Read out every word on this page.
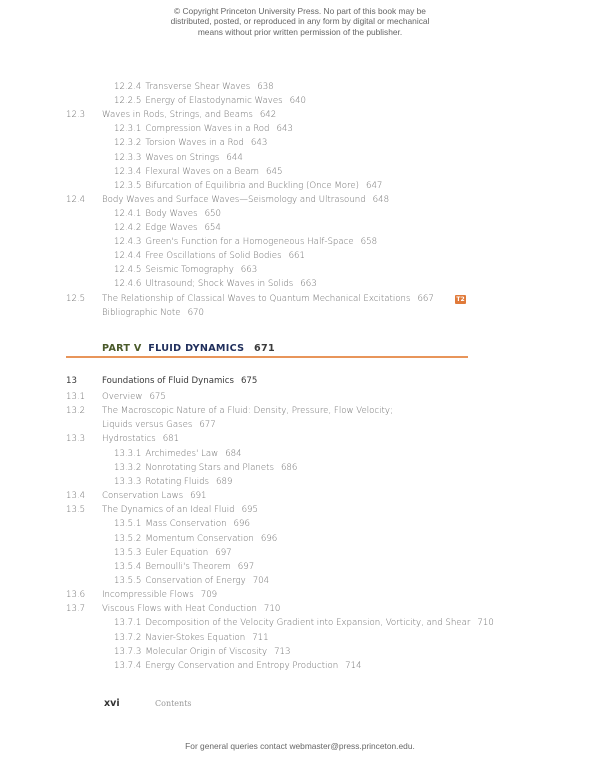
© Copyright Princeton University Press. No part of this book may be
distributed, posted, or reproduced in any form by digital or mechanical
means without prior written permission of the publisher.
12.2.4 Transverse Shear Waves 638
12.2.5 Energy of Elastodynamic Waves 640
12.3 Waves in Rods, Strings, and Beams 642
12.3.1 Compression Waves in a Rod 643
12.3.2 Torsion Waves in a Rod 643
12.3.3 Waves on Strings 644
12.3.4 Flexural Waves on a Beam 645
12.3.5 Bifurcation of Equilibria and Buckling (Once More) 647
12.4 Body Waves and Surface Waves—Seismology and Ultrasound 648
12.4.1 Body Waves 650
12.4.2 Edge Waves 654
12.4.3 Green's Function for a Homogeneous Half-Space 658
12.4.4 Free Oscillations of Solid Bodies 661
12.4.5 Seismic Tomography 663
12.4.6 Ultrasound; Shock Waves in Solids 663
12.5 The Relationship of Classical Waves to Quantum Mechanical Excitations 667	T2
Bibliographic Note 670
13	Foundations of Fluid Dynamics 675
13.1 Overview 675
13.2 The Macroscopic Nature of a Fluid: Density, Pressure, Flow Velocity;
Liquids versus Gases 677
13.3 Hydrostatics 681
13.3.1 Archimedes' Law 684
13.3.2 Nonrotating Stars and Planets 686
13.3.3 Rotating Fluids 689
13.4 Conservation Laws 691
13.5 The Dynamics of an Ideal Fluid 695
13.5.1 Mass Conservation 696
13.5.2 Momentum Conservation 696
13.5.3 Euler Equation 697
13.5.4 Bernoulli's Theorem 697
13.5.5 Conservation of Energy 704
13.6 Incompressible Flows 709
13.7 Viscous Flows with Heat Conduction 710
13.7.1 Decomposition of the Velocity Gradient into Expansion, Vorticity, and Shear 710
13.7.2 Navier-Stokes Equation 711
13.7.3 Molecular Origin of Viscosity 713
13.7.4 Energy Conservation and Entropy Production 714
PART V FLUID DYNAMICS 671
xvi	Contents
For general queries contact webmaster@press.princeton.edu.
